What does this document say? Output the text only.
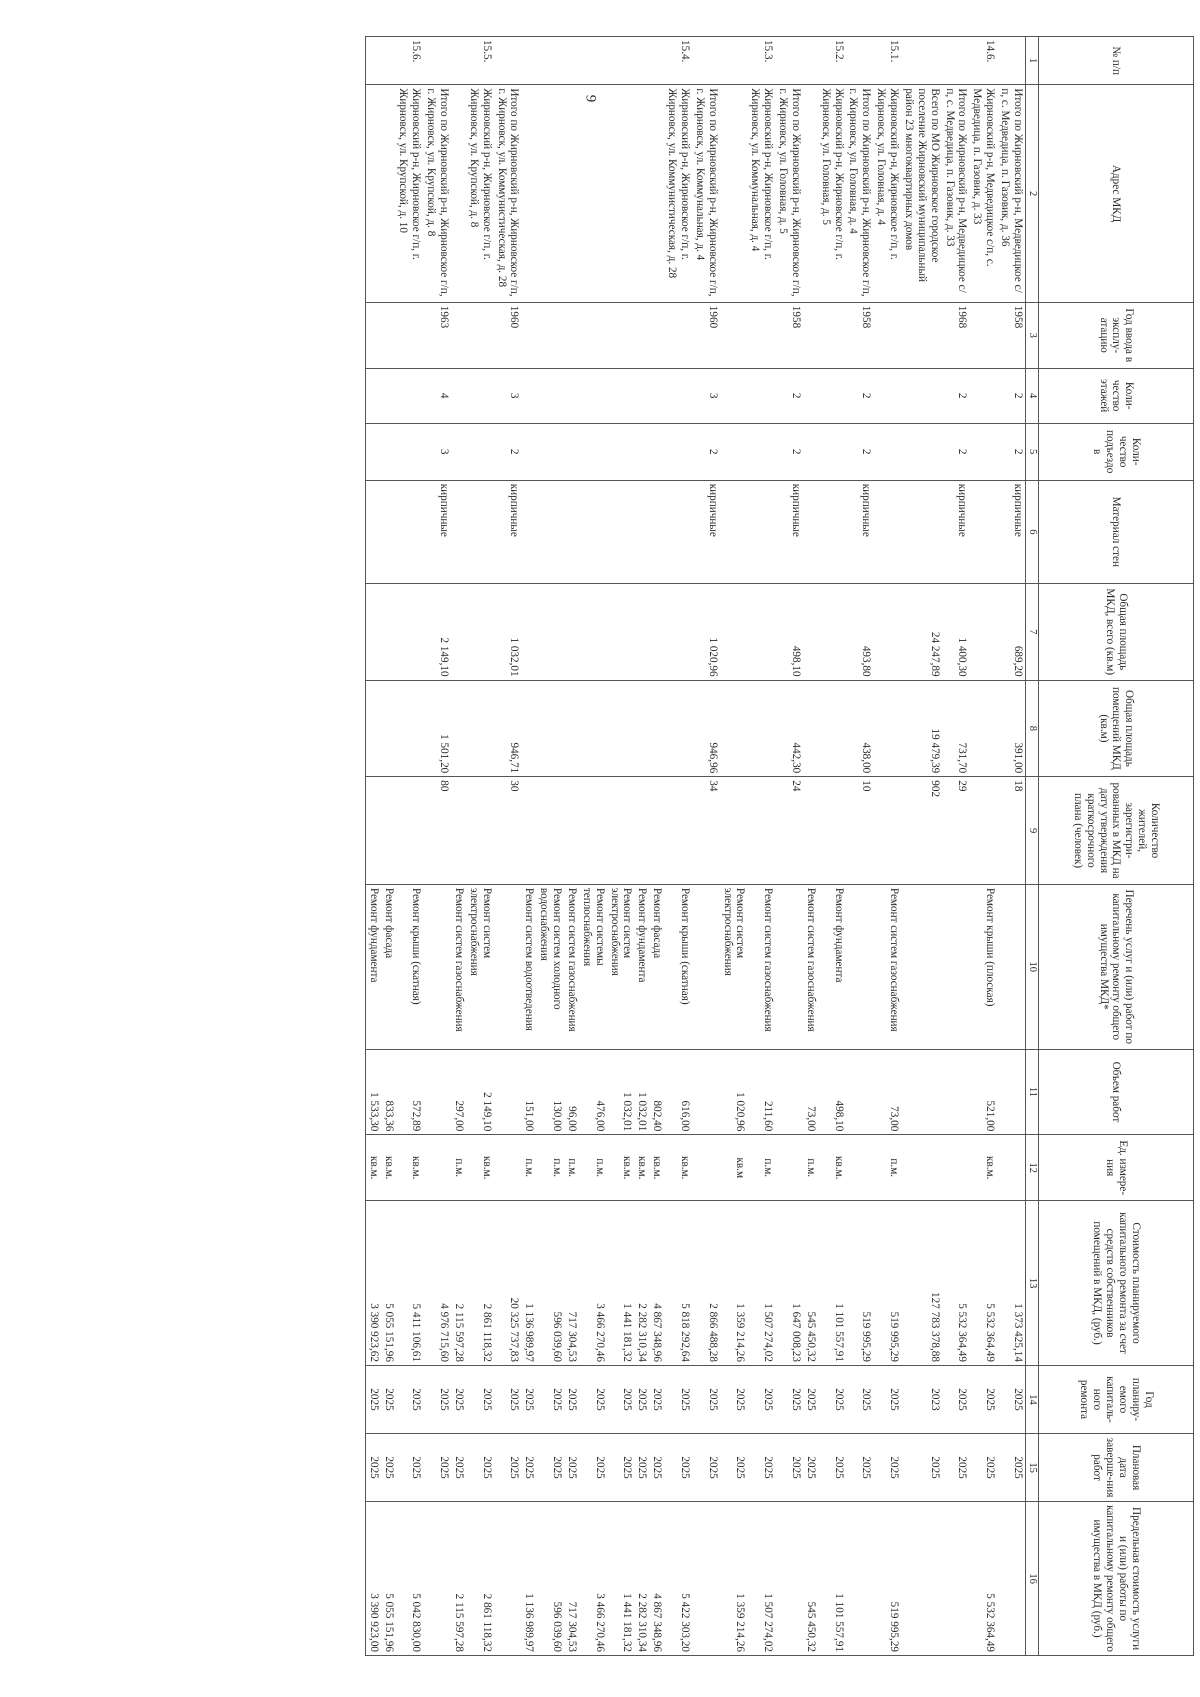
9
№ п/п	Адрес МКД	Год ввода в эксплу-атацию	Коли-чество этажей	Коли-чество подъездо в	Материал стен	Общая площадь МКД, всего (кв.м)	Общая площадь помещений МКД (кв.м)	Количество жителей, зарегистри-рованных в МКД на дату утверждения краткосрочного плана (человек)	Перечень услуг и (или) работ по капитальному ремонту общего имущества МКД*	Объем работ	Ед. измере-ния	Стоимость планируемого капитального ремонта за счет средств собственников помещений в МКД, (руб.)	Год планиру-емого капиталь-ного ремонта	Плановая дата заверше-ния работ	Предельная стоимость услуги и (или) работы по капитальному ремонту общего имущества в МКД (руб.)
1	2	3	4	5	6	7	8	9	10	11	12	13	14	15	16
	Итого по Жирновский р-н, Медведицкое с/п, с. Медведица, п. Газовик, д. 36	1958	2	2	кирпичные	689,20	391,00	18				1 373 425,14	2025	2025	
14.6.	Жирновский р-н, Медведицкое с/п, с. Медведица, п. Газовик, д. 33								Ремонт крыши (плоская)	521,00	кв.м.	5 532 364,49	2025	2025	5 532 364,49
	Итого по Жирновский р-н, Медведицкое с/п, с. Медведица, п. Газовик, д. 33	1968	2	2	кирпичные	1 400,30	731,70	29				5 532 364,49	2025	2025	
	Всего по МО Жирновское городское поселение Жирновский муниципальный район 23 многоквартирных домов					24 247,89	19 479,39	902				127 783 378,88	2023	2025	
15.1.	Жирновский р-н, Жирновское г/п, г. Жирновск, ул. Головная, д. 4								Ремонт систем газоснабжения	73,00	п.м.	519 995,29	2025	2025	519 995,29
	Итого по Жирновский р-н, Жирновское г/п, г. Жирновск, ул. Головная, д. 4	1958	2	2	кирпичные	493,80	438,00	10				519 995,29	2025	2025	
15.2.	Жирновский р-н, Жирновское г/п, г. Жирновск, ул. Головная, д. 5								Ремонт фундамента	498,10	кв.м.	1 101 557,91	2025	2025	1 101 557,91
									Ремонт систем газоснабжения	73,00	п.м.	545 450,32	2025	2025	545 450,32
	Итого по Жирновский р-н, Жирновское г/п, г. Жирновск, ул. Головная, д. 5	1958	2	2	кирпичные	498,10	442,30	24				1 647 008,23	2025	2025	
15.3.	Жирновский р-н, Жирновское г/п, г. Жирновск, ул. Коммунальная, д. 4								Ремонт систем газоснабжения	211,60	п.м.	1 507 274,02	2025	2025	1 507 274,02
									Ремонт систем электроснабжения	1 020,96	кв.м	1 359 214,26	2025	2025	1 359 214,26
	Итого по Жирновский р-н, Жирновское г/п, г. Жирновск, ул. Коммунальная, д. 4	1960	3	2	кирпичные	1 020,96	946,96	34				2 866 488,28	2025	2025	
15.4.	Жирновский р-н, Жирновское г/п, г. Жирновск, ул. Коммунистическая, д. 28								Ремонт крыши (скатная)	616,00	кв.м.	5 818 292,64	2025	2025	5 422 303,20
									Ремонт фасада	802,40	кв.м.	4 867 348,96	2025	2025	4 867 348,96
									Ремонт фундамента	1 032,01	кв.м.	2 282 310,34	2025	2025	2 282 310,34
									Ремонт систем электроснабжения	1 032,01	кв.м.	1 441 181,32	2025	2025	1 441 181,32
									Ремонт системы теплоснабжения	476,00	п.м.	3 466 270,46	2025	2025	3 466 270,46
									Ремонт систем газоснабжения	96,00	п.м.	717 304,53	2025	2025	717 304,53
									Ремонт систем холодного водоснабжения	130,00	п.м.	596 039,60	2025	2025	596 039,60
									Ремонт систем водоотведения	151,00	п.м.	1 136 989,97	2025	2025	1 136 989,97
	Итого по Жирновский р-н, Жирновское г/п, г. Жирновск, ул. Коммунистическая, д. 28	1960	3	2	кирпичные	1 032,01	946,71	30				20 325 737,83	2025	2025	
15.5.	Жирновский р-н, Жирновское г/п, г. Жирновск, ул. Крупской, д. 8								Ремонт систем электроснабжения	2 149,10	кв.м.	2 861 118,32	2025	2025	2 861 118,32
									Ремонт систем газоснабжения	297,00	п.м.	2 115 597,28	2025	2025	2 115 597,28
	Итого по Жирновский р-н, Жирновское г/п, г. Жирновск, ул. Крупской, д. 8	1963	4	3	кирпичные	2 149,10	1 501,20	80				4 976 715,60	2025	2025	
15.6.	Жирновский р-н, Жирновское г/п, г. Жирновск, ул. Крупской, д. 10								Ремонт крыши (скатная)	572,89	кв.м.	5 411 106,61	2025	2025	5 042 830,00
									Ремонт фасада	833,36	кв.м.	5 055 151,96	2025	2025	5 055 151,96
									Ремонт фундамента	1 533,30	кв.м.	3 390 923,62	2025	2025	3 390 923,00
